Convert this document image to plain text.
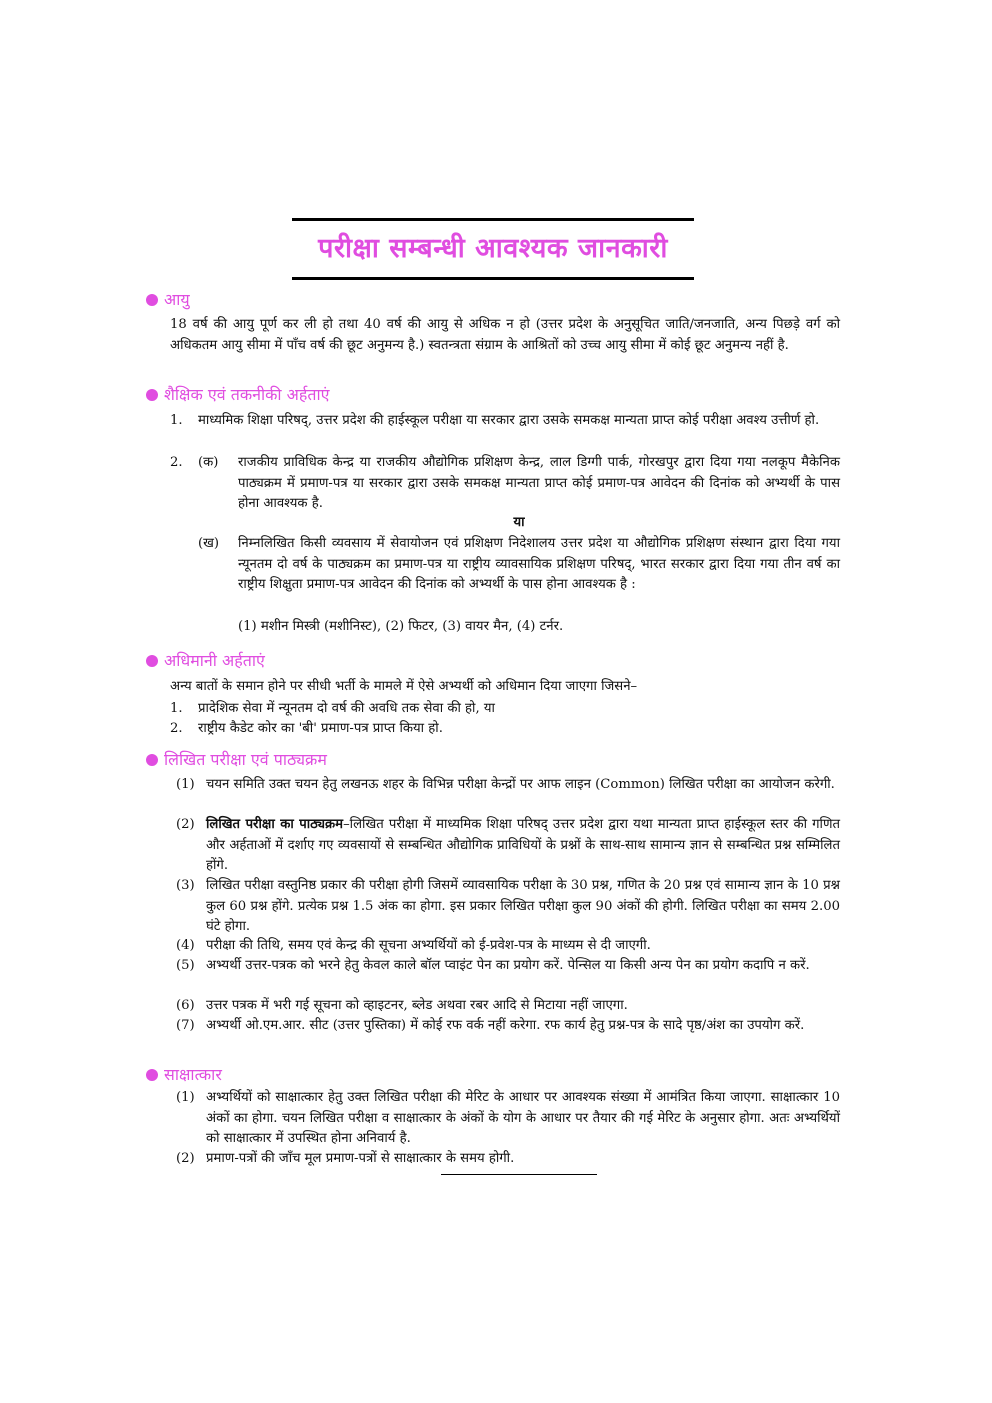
परीक्षा सम्बन्धी आवश्यक जानकारी
आयु
18 वर्ष की आयु पूर्ण कर ली हो तथा 40 वर्ष की आयु से अधिक न हो (उत्तर प्रदेश के अनुसूचित जाति/जनजाति, अन्य पिछड़े वर्ग को अधिकतम आयु सीमा में पाँच वर्ष की छूट अनुमन्य है.) स्वतन्त्रता संग्राम के आश्रितों को उच्च आयु सीमा में कोई छूट अनुमन्य नहीं है.
शैक्षिक एवं तकनीकी अर्हताएं
1.	माध्यमिक शिक्षा परिषद्, उत्तर प्रदेश की हाईस्कूल परीक्षा या सरकार द्वारा उसके समकक्ष मान्यता प्राप्त कोई परीक्षा अवश्य उत्तीर्ण हो.
2.	(क)	राजकीय प्राविधिक केन्द्र या राजकीय औद्योगिक प्रशिक्षण केन्द्र, लाल डिग्गी पार्क, गोरखपुर द्वारा दिया गया नलकूप मैकेनिक पाठ्यक्रम में प्रमाण-पत्र या सरकार द्वारा उसके समकक्ष मान्यता प्राप्त कोई प्रमाण-पत्र आवेदन की दिनांक को अभ्यर्थी के पास होना आवश्यक है.
या
(ख)	निम्नलिखित किसी व्यवसाय में सेवायोजन एवं प्रशिक्षण निदेशालय उत्तर प्रदेश या औद्योगिक प्रशिक्षण संस्थान द्वारा दिया गया न्यूनतम दो वर्ष के पाठ्यक्रम का प्रमाण-पत्र या राष्ट्रीय व्यावसायिक प्रशिक्षण परिषद्, भारत सरकार द्वारा दिया गया तीन वर्ष का राष्ट्रीय शिक्षुता प्रमाण-पत्र आवेदन की दिनांक को अभ्यर्थी के पास होना आवश्यक है :
(1) मशीन मिस्त्री (मशीनिस्ट), (2) फिटर, (3) वायर मैन, (4) टर्नर.
अधिमानी अर्हताएं
अन्य बातों के समान होने पर सीधी भर्ती के मामले में ऐसे अभ्यर्थी को अधिमान दिया जाएगा जिसने–
1.	प्रादेशिक सेवा में न्यूनतम दो वर्ष की अवधि तक सेवा की हो, या
2.	राष्ट्रीय कैडेट कोर का 'बी' प्रमाण-पत्र प्राप्त किया हो.
लिखित परीक्षा एवं पाठ्यक्रम
(1) चयन समिति उक्त चयन हेतु लखनऊ शहर के विभिन्न परीक्षा केन्द्रों पर आफ लाइन (Common) लिखित परीक्षा का आयोजन करेगी.
(2) लिखित परीक्षा का पाठ्यक्रम–लिखित परीक्षा में माध्यमिक शिक्षा परिषद् उत्तर प्रदेश द्वारा यथा मान्यता प्राप्त हाईस्कूल स्तर की गणित और अर्हताओं में दर्शाए गए व्यवसायों से सम्बन्धित औद्योगिक प्राविधियों के प्रश्नों के साथ-साथ सामान्य ज्ञान से सम्बन्धित प्रश्न सम्मिलित होंगे.
(3) लिखित परीक्षा वस्तुनिष्ठ प्रकार की परीक्षा होगी जिसमें व्यावसायिक परीक्षा के 30 प्रश्न, गणित के 20 प्रश्न एवं सामान्य ज्ञान के 10 प्रश्न कुल 60 प्रश्न होंगे. प्रत्येक प्रश्न 1.5 अंक का होगा. इस प्रकार लिखित परीक्षा कुल 90 अंकों की होगी. लिखित परीक्षा का समय 2.00 घंटे होगा.
(4) परीक्षा की तिथि, समय एवं केन्द्र की सूचना अभ्यर्थियों को ई-प्रवेश-पत्र के माध्यम से दी जाएगी.
(5) अभ्यर्थी उत्तर-पत्रक को भरने हेतु केवल काले बॉल प्वाइंट पेन का प्रयोग करें. पेन्सिल या किसी अन्य पेन का प्रयोग कदापि न करें.
(6) उत्तर पत्रक में भरी गई सूचना को व्हाइटनर, ब्लेड अथवा रबर आदि से मिटाया नहीं जाएगा.
(7) अभ्यर्थी ओ.एम.आर. सीट (उत्तर पुस्तिका) में कोई रफ वर्क नहीं करेगा. रफ कार्य हेतु प्रश्न-पत्र के सादे पृष्ठ/अंश का उपयोग करें.
साक्षात्कार
(1) अभ्यर्थियों को साक्षात्कार हेतु उक्त लिखित परीक्षा की मेरिट के आधार पर आवश्यक संख्या में आमंत्रित किया जाएगा. साक्षात्कार 10 अंकों का होगा. चयन लिखित परीक्षा व साक्षात्कार के अंकों के योग के आधार पर तैयार की गई मेरिट के अनुसार होगा. अतः अभ्यर्थियों को साक्षात्कार में उपस्थित होना अनिवार्य है.
(2) प्रमाण-पत्रों की जाँच मूल प्रमाण-पत्रों से साक्षात्कार के समय होगी.
